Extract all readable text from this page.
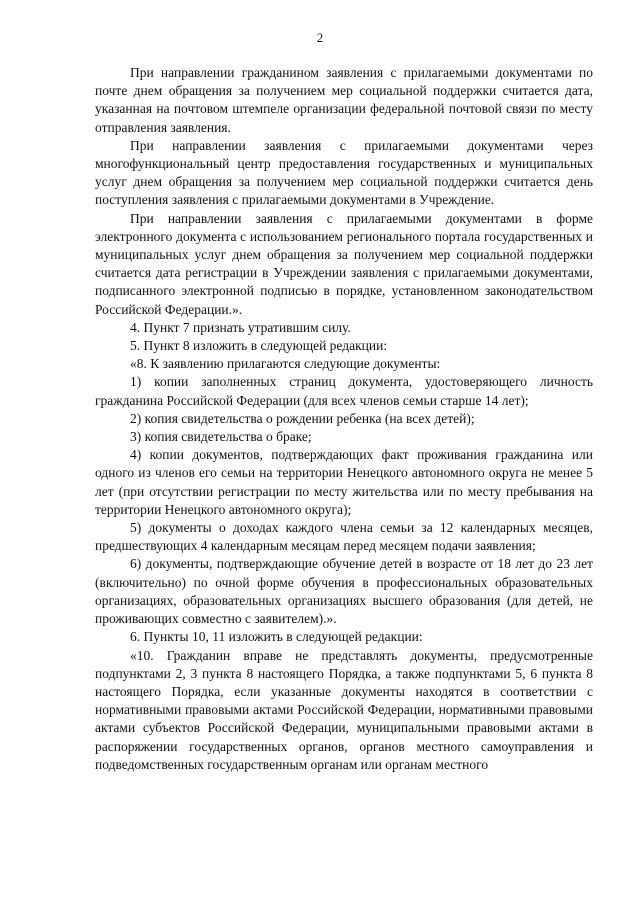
2

При направлении гражданином заявления с прилагаемыми документами по почте днем обращения за получением мер социальной поддержки считается дата, указанная на почтовом штемпеле организации федеральной почтовой связи по месту отправления заявления.

При направлении заявления с прилагаемыми документами через многофункциональный центр предоставления государственных и муниципальных услуг днем обращения за получением мер социальной поддержки считается день поступления заявления с прилагаемыми документами в Учреждение.

При направлении заявления с прилагаемыми документами в форме электронного документа с использованием регионального портала государственных и муниципальных услуг днем обращения за получением мер социальной поддержки считается дата регистрации в Учреждении заявления с прилагаемыми документами, подписанного электронной подписью в порядке, установленном законодательством Российской Федерации.».

4. Пункт 7 признать утратившим силу.

5. Пункт 8 изложить в следующей редакции:

«8. К заявлению прилагаются следующие документы:

1) копии заполненных страниц документа, удостоверяющего личность гражданина Российской Федерации (для всех членов семьи старше 14 лет);

2) копия свидетельства о рождении ребенка (на всех детей);

3) копия свидетельства о браке;

4) копии документов, подтверждающих факт проживания гражданина или одного из членов его семьи на территории Ненецкого автономного округа не менее 5 лет (при отсутствии регистрации по месту жительства или по месту пребывания на территории Ненецкого автономного округа);

5) документы о доходах каждого члена семьи за 12 календарных месяцев, предшествующих 4 календарным месяцам перед месяцем подачи заявления;

6) документы, подтверждающие обучение детей в возрасте от 18 лет до 23 лет (включительно) по очной форме обучения в профессиональных образовательных организациях, образовательных организациях высшего образования (для детей, не проживающих совместно с заявителем).».

6. Пункты 10, 11 изложить в следующей редакции:

«10. Гражданин вправе не представлять документы, предусмотренные подпунктами 2, 3 пункта 8 настоящего Порядка, а также подпунктами 5, 6 пункта 8 настоящего Порядка, если указанные документы находятся в соответствии с нормативными правовыми актами Российской Федерации, нормативными правовыми актами субъектов Российской Федерации, муниципальными правовыми актами в распоряжении государственных органов, органов местного самоуправления и подведомственных государственным органам или органам местного
